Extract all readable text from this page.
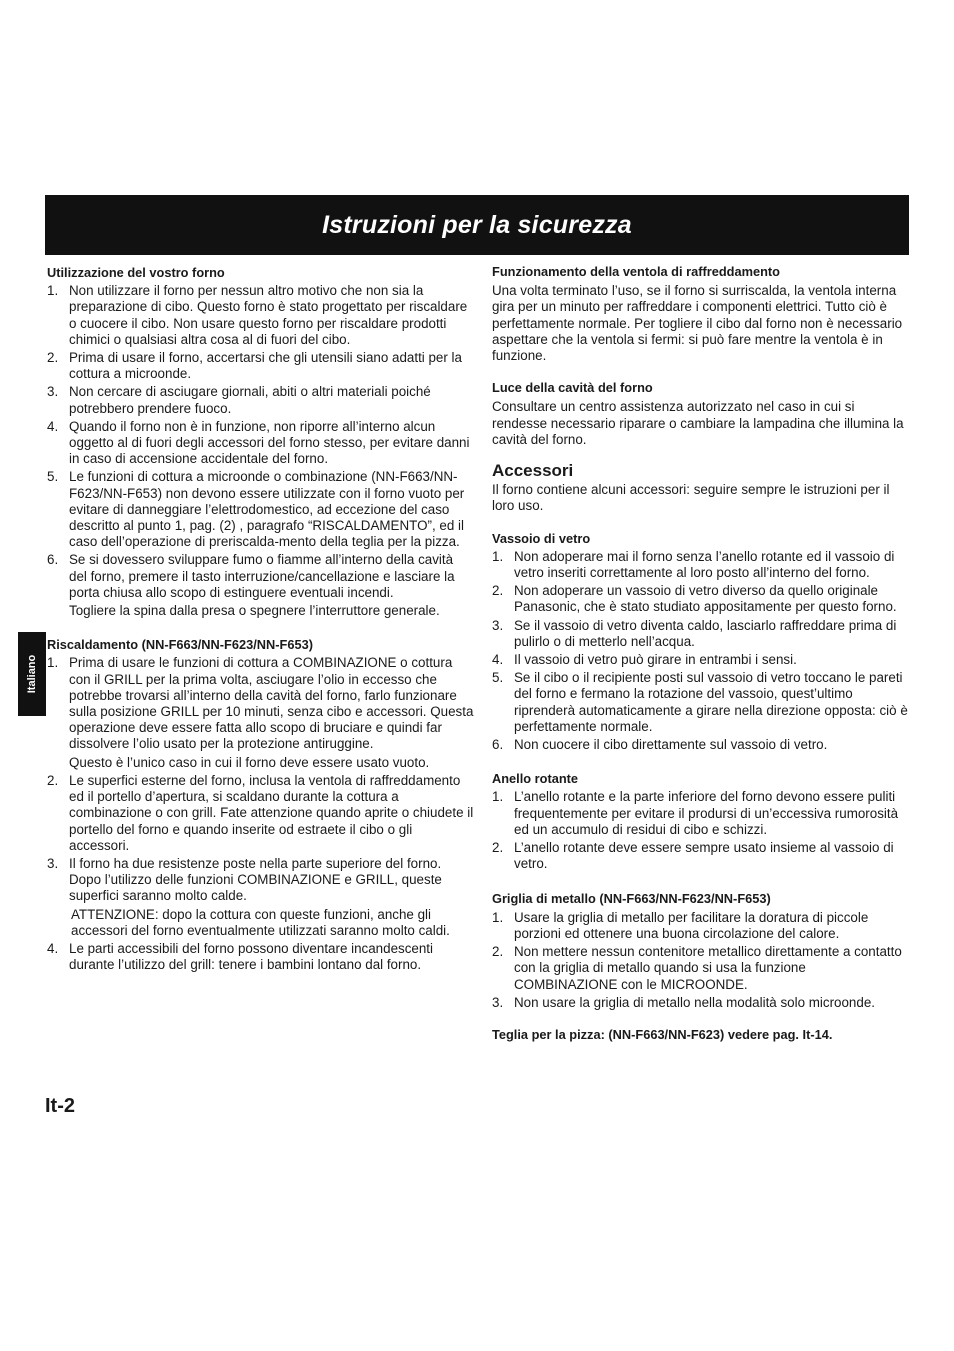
Istruzioni per la sicurezza
Italiano

Utilizzazione del vostro forno

1. Non utilizzare il forno per nessun altro motivo che non sia la preparazione di cibo. Questo forno è stato progettato per riscaldare o cuocere il cibo. Non usare questo forno per riscaldare prodotti chimici o qualsiasi altra cosa al di fuori del cibo.
2. Prima di usare il forno, accertarsi che gli utensili siano adatti per la cottura a microonde.
3. Non cercare di asciugare giornali, abiti o altri materiali poiché potrebbero prendere fuoco.
4. Quando il forno non è in funzione, non riporre all’interno alcun oggetto al di fuori degli accessori del forno stesso, per evitare danni in caso di accensione accidentale del forno.
5. Le funzioni di cottura a microonde o combinazione (NN-F663/NN-F623/NN-F653) non devono essere utilizzate con il forno vuoto per evitare di danneggiare l’elettrodomestico, ad eccezione del caso descritto al punto 1, pag. (2) , paragrafo “RISCALDAMENTO”, ed il caso dell’operazione di preriscalda-mento della teglia per la pizza.
6. Se si dovessero sviluppare fumo o fiamme all’interno della cavità del forno, premere il tasto interruzione/cancellazione e lasciare la porta chiusa allo scopo di estinguere eventuali incendi.

Togliere la spina dalla presa o spegnere l’interruttore generale.

Riscaldamento (NN-F663/NN-F623/NN-F653)

1. Prima di usare le funzioni di cottura a COMBINAZIONE o cottura con il GRILL per la prima volta, asciugare l’olio in eccesso che potrebbe trovarsi all’interno della cavità del forno, farlo funzionare sulla posizione GRILL per 10 minuti, senza cibo e accessori. Questa operazione deve essere fatta allo scopo di bruciare e quindi far dissolvere l’olio usato per la protezione antiruggine.

Questo è l’unico caso in cui il forno deve essere usato vuoto.

2. Le superfici esterne del forno, inclusa la ventola di raffreddamento ed il portello d’apertura, si scaldano durante la cottura a combinazione o con grill. Fate attenzione quando aprite o chiudete il portello del forno e quando inserite od estraete il cibo o gli accessori.
3. Il forno ha due resistenze poste nella parte superiore del forno. Dopo l’utilizzo delle funzioni COMBINAZIONE e GRILL, queste superfici saranno molto calde.

ATTENZIONE: dopo la cottura con queste funzioni, anche gli accessori del forno eventualmente utilizzati saranno molto caldi.

4. Le parti accessibili del forno possono diventare incandescenti durante l’utilizzo del grill: tenere i bambini lontano dal forno.

Funzionamento della ventola di raffreddamento

Una volta terminato l’uso, se il forno si surriscalda, la ventola interna gira per un minuto per raffreddare i componenti elettrici. Tutto ciò è perfettamente normale. Per togliere il cibo dal forno non è necessario aspettare che la ventola si fermi: si può fare mentre la ventola è in funzione.

Luce della cavità del forno

Consultare un centro assistenza autorizzato nel caso in cui si rendesse necessario riparare o cambiare la lampadina che illumina la cavità del forno.

Accessori

Il forno contiene alcuni accessori: seguire sempre le istruzioni per il loro uso.

Vassoio di vetro

1. Non adoperare mai il forno senza l’anello rotante ed il vassoio di vetro inseriti correttamente al loro posto all’interno del forno.
2. Non adoperare un vassoio di vetro diverso da quello originale Panasonic, che è stato studiato appositamente per questo forno.
3. Se il vassoio di vetro diventa caldo, lasciarlo raffreddare prima di pulirlo o di metterlo nell’acqua.
4. Il vassoio di vetro può girare in entrambi i sensi.
5. Se il cibo o il recipiente posti sul vassoio di vetro toccano le pareti del forno e fermano la rotazione del vassoio, quest’ultimo riprenderà automaticamente a girare nella direzione opposta: ciò è perfettamente normale.
6. Non cuocere il cibo direttamente sul vassoio di vetro.

Anello rotante

1. L’anello rotante e la parte inferiore del forno devono essere puliti frequentemente per evitare il prodursi di un’eccessiva rumorosità ed un accumulo di residui di cibo e schizzi.
2. L’anello rotante deve essere sempre usato insieme al vassoio di vetro.

Griglia di metallo (NN-F663/NN-F623/NN-F653)

1. Usare la griglia di metallo per facilitare la doratura di piccole porzioni ed ottenere una buona circolazione del calore.
2. Non mettere nessun contenitore metallico direttamente a contatto con la griglia di metallo quando si usa la funzione COMBINAZIONE con le MICROONDE.
3. Non usare la griglia di metallo nella modalità solo microonde.

Teglia per la pizza: (NN-F663/NN-F623) vedere pag. It-14.

It-2
